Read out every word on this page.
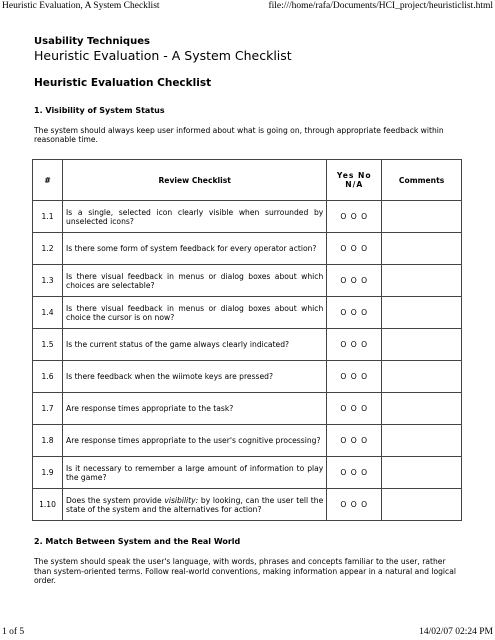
Heuristic Evaluation, A System Checklist	file:///home/rafa/Documents/HCI_project/heuristiclist.html
Usability Techniques
Heuristic Evaluation - A System Checklist
Heuristic Evaluation Checklist
1. Visibility of System Status

The system should always keep user informed about what is going on, through appropriate feedback within reasonable time.

#	Review Checklist	Yes No N/A	Comments
1.1	Is a single, selected icon clearly visible when surrounded by unselected icons?	O O O	
1.2	Is there some form of system feedback for every operator action?	O O O	
1.3	Is there visual feedback in menus or dialog boxes about which choices are selectable?	O O O	
1.4	Is there visual feedback in menus or dialog boxes about which choice the cursor is on now?	O O O	
1.5	Is the current status of the game always clearly indicated?	O O O	
1.6	Is there feedback when the wiimote keys are pressed?	O O O	
1.7	Are response times appropriate to the task?	O O O	
1.8	Are response times appropriate to the user's cognitive processing?	O O O	
1.9	Is it necessary to remember a large amount of information to play the game?	O O O	
1.10	Does the system provide visibility: by looking, can the user tell the state of the system and the alternatives for action?	O O O	
2. Match Between System and the Real World

The system should speak the user's language, with words, phrases and concepts familiar to the user, rather than system-oriented terms. Follow real-world conventions, making information appear in a natural and logical order.

1 of 5	14/02/07 02:24 PM
